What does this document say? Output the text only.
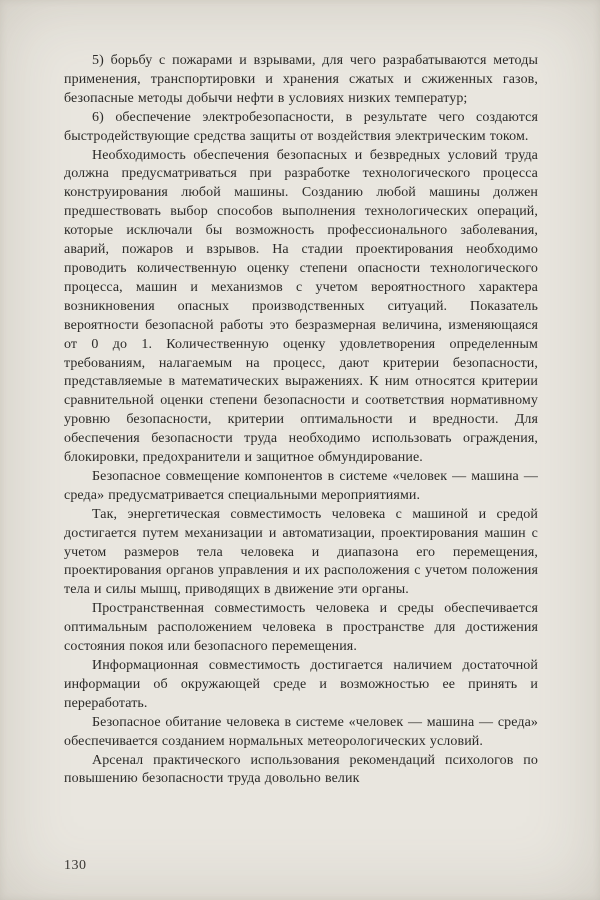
5) борьбу с пожарами и взрывами, для чего разрабатываются методы применения, транспортировки и хранения сжатых и сжиженных газов, безопасные методы добычи нефти в условиях низких температур;

6) обеспечение электробезопасности, в результате чего создаются быстродействующие средства защиты от воздействия электрическим током.

Необходимость обеспечения безопасных и безвредных условий труда должна предусматриваться при разработке технологического процесса конструирования любой машины. Созданию любой машины должен предшествовать выбор способов выполнения технологических операций, которые исключали бы возможность профессионального заболевания, аварий, пожаров и взрывов. На стадии проектирования необходимо проводить количественную оценку степени опасности технологического процесса, машин и механизмов с учетом вероятностного характера возникновения опасных производственных ситуаций. Показатель вероятности безопасной работы это безразмерная величина, изменяющаяся от 0 до 1. Количественную оценку удовлетворения определенным требованиям, налагаемым на процесс, дают критерии безопасности, представляемые в математических выражениях. К ним относятся критерии сравнительной оценки степени безопасности и соответствия нормативному уровню безопасности, критерии оптимальности и вредности. Для обеспечения безопасности труда необходимо использовать ограждения, блокировки, предохранители и защитное обмундирование.

Безопасное совмещение компонентов в системе «человек — машина — среда» предусматривается специальными мероприятиями.

Так, энергетическая совместимость человека с машиной и средой достигается путем механизации и автоматизации, проектирования машин с учетом размеров тела человека и диапазона его перемещения, проектирования органов управления и их расположения с учетом положения тела и силы мышц, приводящих в движение эти органы.

Пространственная совместимость человека и среды обеспечивается оптимальным расположением человека в пространстве для достижения состояния покоя или безопасного перемещения.

Информационная совместимость достигается наличием достаточной информации об окружающей среде и возможностью ее принять и переработать.

Безопасное обитание человека в системе «человек — машина — среда» обеспечивается созданием нормальных метеорологических условий.

Арсенал практического использования рекомендаций психологов по повышению безопасности труда довольно велик

130
